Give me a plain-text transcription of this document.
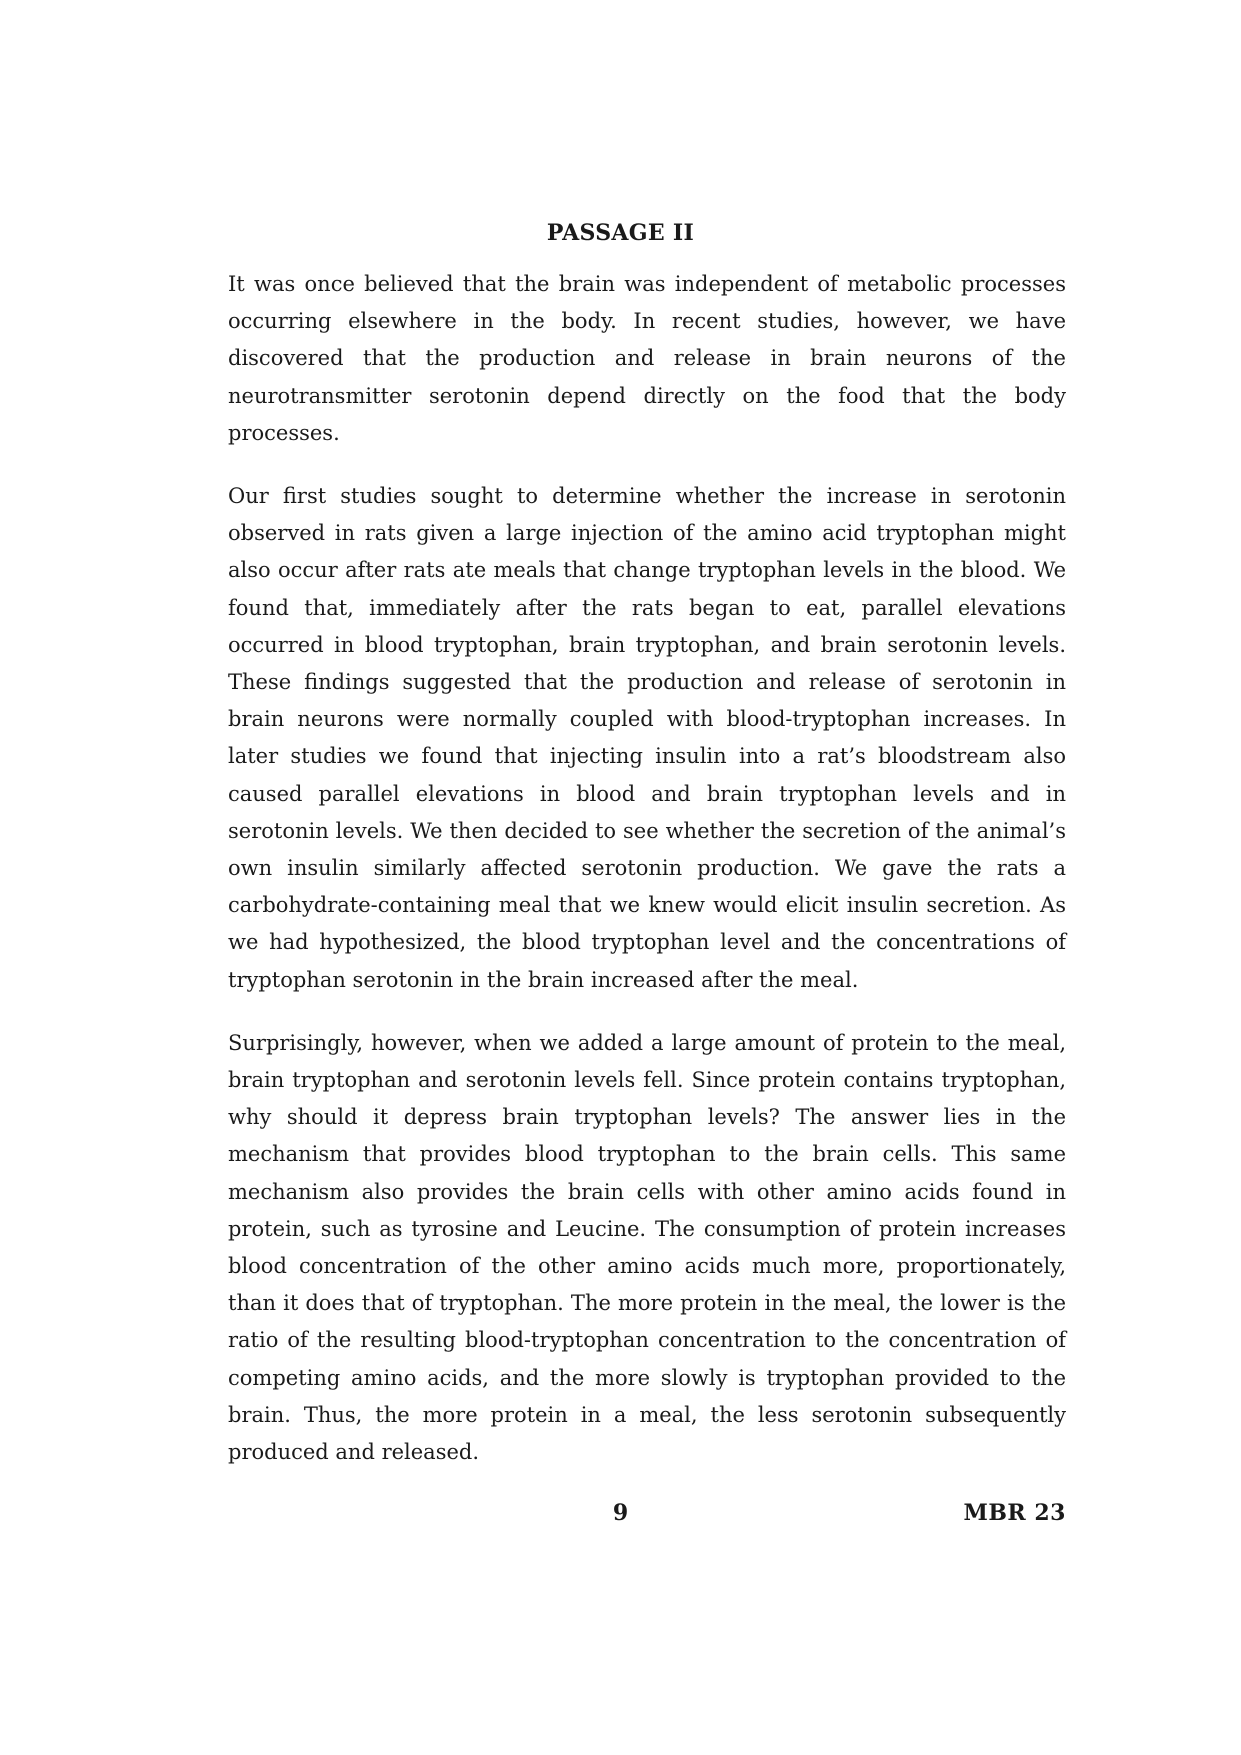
PASSAGE II

It was once believed that the brain was independent of metabolic processes occurring elsewhere in the body. In recent studies, however, we have discovered that the production and release in brain neurons of the neurotransmitter serotonin depend directly on the food that the body processes.

Our first studies sought to determine whether the increase in serotonin observed in rats given a large injection of the amino acid tryptophan might also occur after rats ate meals that change tryptophan levels in the blood. We found that, immediately after the rats began to eat, parallel elevations occurred in blood tryptophan, brain tryptophan, and brain serotonin levels. These findings suggested that the production and release of serotonin in brain neurons were normally coupled with blood-tryptophan increases. In later studies we found that injecting insulin into a rat’s bloodstream also caused parallel elevations in blood and brain tryptophan levels and in serotonin levels. We then decided to see whether the secretion of the animal’s own insulin similarly affected serotonin production. We gave the rats a carbohydrate-containing meal that we knew would elicit insulin secretion. As we had hypothesized, the blood tryptophan level and the concentrations of tryptophan serotonin in the brain increased after the meal.

Surprisingly, however, when we added a large amount of protein to the meal, brain tryptophan and serotonin levels fell. Since protein contains tryptophan, why should it depress brain tryptophan levels? The answer lies in the mechanism that provides blood tryptophan to the brain cells. This same mechanism also provides the brain cells with other amino acids found in protein, such as tyrosine and Leucine. The consumption of protein increases blood concentration of the other amino acids much more, proportionately, than it does that of tryptophan. The more protein in the meal, the lower is the ratio of the resulting blood-tryptophan concentration to the concentration of competing amino acids, and the more slowly is tryptophan provided to the brain. Thus, the more protein in a meal, the less serotonin subsequently produced and released.

9	MBR 23
